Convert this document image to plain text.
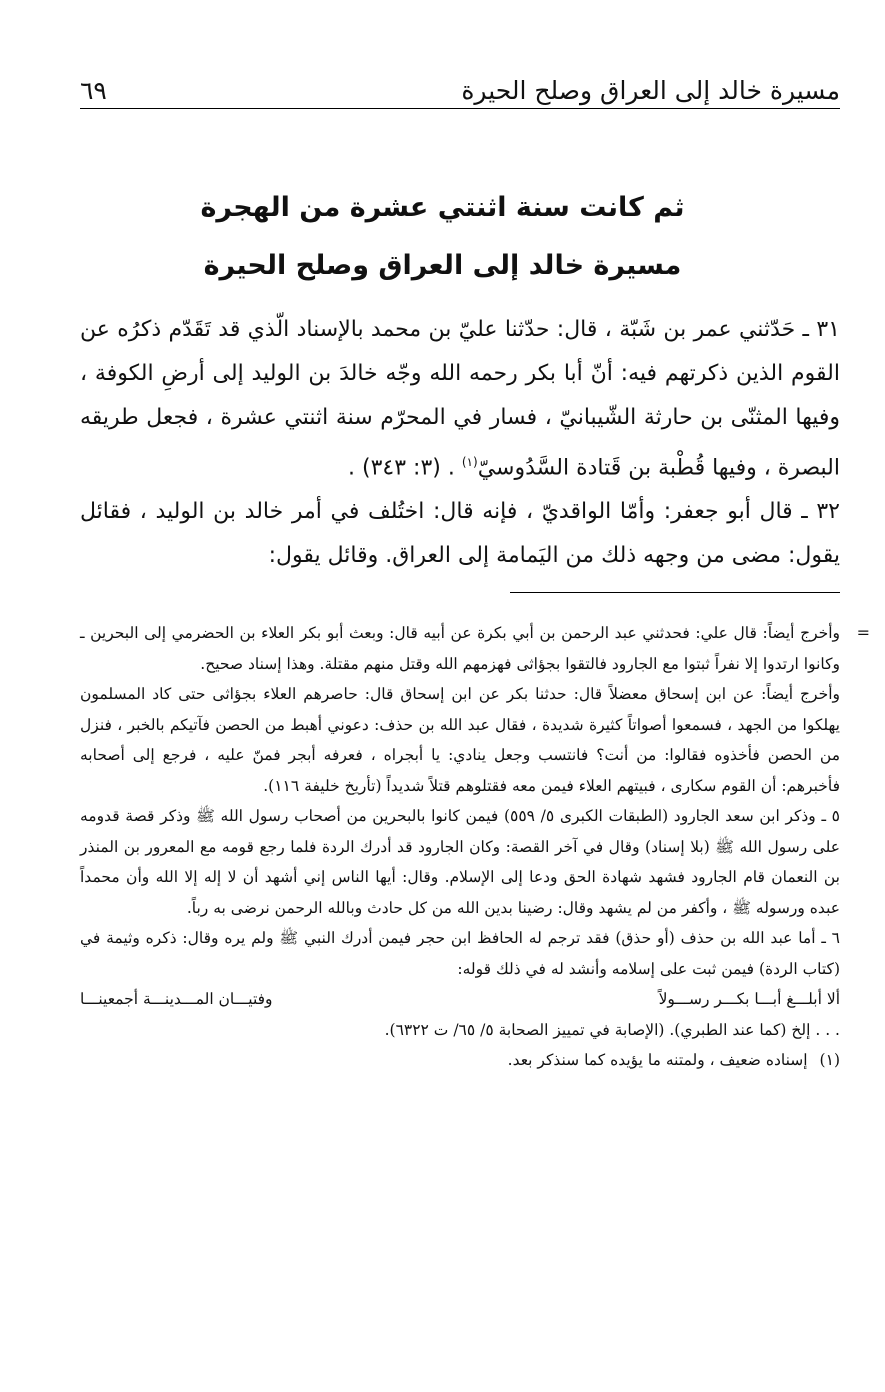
مسيرة خالد إلى العراق وصلح الحيرة
٦٩
ثم كانت سنة اثنتي عشرة من الهجرة
مسيرة خالد إلى العراق وصلح الحيرة
٣١ ـ حَدّثني عمر بن شَبّة ، قال: حدّثنا عليّ بن محمد بالإسناد الّذي قد تَقَدّم ذكرُه عن القوم الذين ذكرتهم فيه: أنّ أبا بكر رحمه الله وجّه خالدَ بن الوليد إلى أرضِ الكوفة ، وفيها المثنّى بن حارثة الشّيبانيّ ، فسار في المحرّم سنة اثنتي عشرة ، فجعل طريقه البصرة ، وفيها قُطْبة بن قَتادة السَّدُوسيّ$^{(١)}$ . (٣: ٣٤٣) .
٣٢ ـ قال أبو جعفر: وأمّا الواقديّ ، فإنه قال: اختُلف في أمر خالد بن الوليد ، فقائل يقول: مضى من وجهه ذلك من اليَمامة إلى العراق. وقائل يقول:
=

وأخرج أيضاً: قال علي: فحدثني عبد الرحمن بن أبي بكرة عن أبيه قال: وبعث أبو بكر العلاء بن الحضرمي إلى البحرين ـ وكانوا ارتدوا إلا نفراً ثبتوا مع الجارود فالتقوا بجؤاثى فهزمهم الله وقتل منهم مقتلة. وهذا إسناد صحيح.

وأخرج أيضاً: عن ابن إسحاق معضلاً قال: حدثنا بكر عن ابن إسحاق قال: حاصرهم العلاء بجؤاثى حتى كاد المسلمون يهلكوا من الجهد ، فسمعوا أصواتاً كثيرة شديدة ، فقال عبد الله بن حذف: دعوني أهبط من الحصن فآتيكم بالخبر ، فنزل من الحصن فأخذوه فقالوا: من أنت؟ فانتسب وجعل ينادي: يا أبجراه ، فعرفه أبجر فمنّ عليه ، فرجع إلى أصحابه فأخبرهم: أن القوم سكارى ، فبيتهم العلاء فيمن معه فقتلوهم قتلاً شديداً (تأريخ خليفة ١١٦).

٥ ـ وذكر ابن سعد الجارود (الطبقات الكبرى ٥/ ٥٥٩) فيمن كانوا بالبحرين من أصحاب رسول الله ﷺ وذكر قصة قدومه على رسول الله ﷺ (بلا إسناد) وقال في آخر القصة: وكان الجارود قد أدرك الردة فلما رجع قومه مع المعرور بن المنذر بن النعمان قام الجارود فشهد شهادة الحق ودعا إلى الإسلام. وقال: أيها الناس إني أشهد أن لا إله إلا الله وأن محمداً عبده ورسوله ﷺ ، وأكفر من لم يشهد وقال: رضينا بدين الله من كل حادث وبالله الرحمن نرضى به رباً.

٦ ـ أما عبد الله بن حذف (أو حذق) فقد ترجم له الحافظ ابن حجر فيمن أدرك النبي ﷺ ولم يره وقال: ذكره وثيمة في (كتاب الردة) فيمن ثبت على إسلامه وأنشد له في ذلك قوله:

ألا أبلـــغ أبـــا بكـــر رســـولاً
وفتيـــان المـــدينـــة أجمعينـــا

. . . إلخ (كما عند الطبري). (الإصابة في تمييز الصحابة ٥/ ٦٥/ ت ٦٣٢٢).

(١)
إسناده ضعيف ، ولمتنه ما يؤيده كما سنذكر بعد.
